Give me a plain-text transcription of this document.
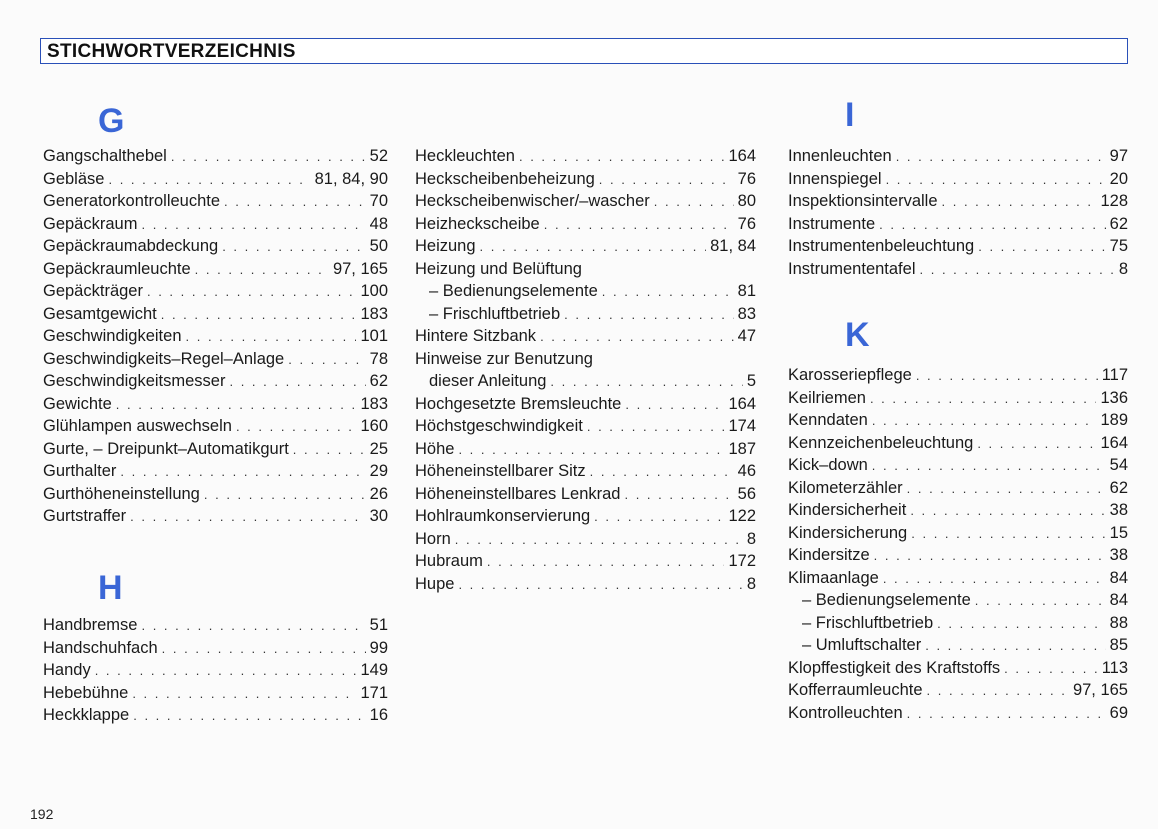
STICHWORTVERZEICHNIS
G
H
I
K
Gangschalthebel . . .	52
Gebläse . . .	81, 84, 90
Generatorkontrolleuchte . . .	70
Gepäckraum . . .	48
Gepäckraumabdeckung . . .	50
Gepäckraumleuchte . . .	97, 165
Gepäckträger . . .	100
Gesamtgewicht . . .	183
Geschwindigkeiten . . .	101
Geschwindigkeits–Regel–Anlage . . .	78
Geschwindigkeitsmesser . . .	62
Gewichte . . .	183
Glühlampen auswechseln . . .	160
Gurte, – Dreipunkt–Automatikgurt . . .	25
Gurthalter . . .	29
Gurthöheneinstellung . . .	26
Gurtstraffer . . .	30
Handbremse . . .	51
Handschuhfach . . .	99
Handy . . .	149
Hebebühne . . .	171
Heckklappe . . .	16
Heckleuchten . . .	164
Heckscheibenbeheizung . . .	76
Heckscheibenwischer/–wascher . . .	80
Heizheckscheibe . . .	76
Heizung . . .	81, 84
Heizung und Belüftung
– Bedienungselemente . . .	81
– Frischluftbetrieb . . .	83
Hintere Sitzbank . . .	47
Hinweise zur Benutzung
dieser Anleitung . . .	5
Hochgesetzte Bremsleuchte . . .	164
Höchstgeschwindigkeit . . .	174
Höhe . . .	187
Höheneinstellbarer Sitz . . .	46
Höheneinstellbares Lenkrad . . .	56
Hohlraumkonservierung . . .	122
Horn . . .	8
Hubraum . . .	172
Hupe . . .	8
Innenleuchten . . .	97
Innenspiegel . . .	20
Inspektionsintervalle . . .	128
Instrumente . . .	62
Instrumentenbeleuchtung . . .	75
Instrumententafel . . .	8
Karosseriepflege . . .	117
Keilriemen . . .	136
Kenndaten . . .	189
Kennzeichenbeleuchtung . . .	164
Kick–down . . .	54
Kilometerzähler . . .	62
Kindersicherheit . . .	38
Kindersicherung . . .	15
Kindersitze . . .	38
Klimaanlage . . .	84
– Bedienungselemente . . .	84
– Frischluftbetrieb . . .	88
– Umluftschalter . . .	85
Klopffestigkeit des Kraftstoffs . . .	113
Kofferraumleuchte . . .	97, 165
Kontrolleuchten . . .	69
192
